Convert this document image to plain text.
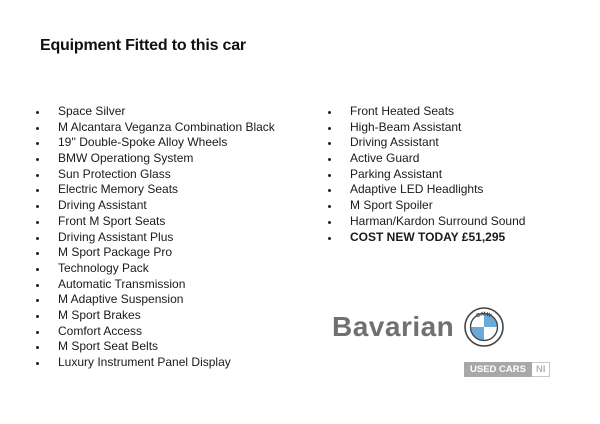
Equipment Fitted to this car
Space Silver
M Alcantara Veganza Combination Black
19'' Double-Spoke Alloy Wheels
BMW Operationg System
Sun Protection Glass
Electric Memory Seats
Driving Assistant
Front M Sport Seats
Driving Assistant Plus
M Sport Package Pro
Technology Pack
Automatic Transmission
M Adaptive Suspension
M Sport Brakes
Comfort Access
M Sport Seat Belts
Luxury Instrument Panel Display
Front Heated Seats
High-Beam Assistant
Driving Assistant
Active Guard
Parking Assistant
Adaptive LED Headlights
M Sport Spoiler
Harman/Kardon Surround Sound
COST NEW TODAY £51,295
Bavarian	BMW
USED CARS	NI
